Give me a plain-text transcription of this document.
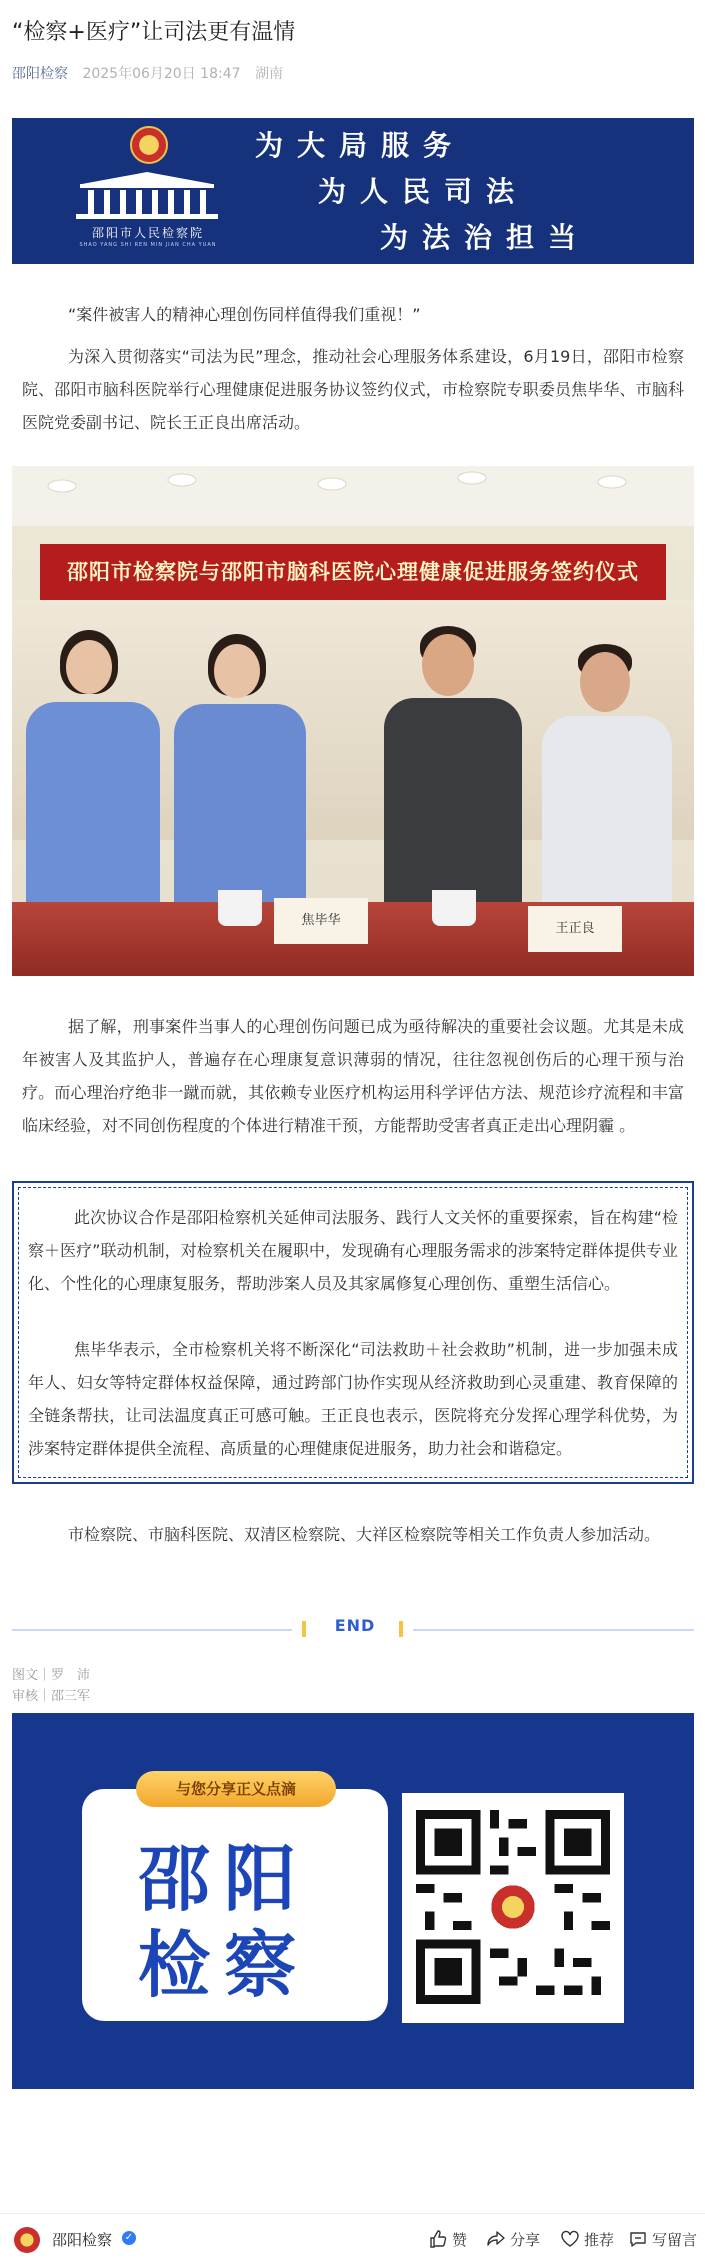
“检察+医疗”让司法更有温情
邵阳检察 2025年06月20日 18:47 湖南
邵阳市人民检察院
SHAO YANG SHI REN MIN JIAN CHA YUAN
为大局服务
为人民司法
为法治担当

“案件被害人的精神心理创伤同样值得我们重视！”

为深入贯彻落实“司法为民”理念，推动社会心理服务体系建设，6月19日，邵阳市检察院、邵阳市脑科医院举行心理健康促进服务协议签约仪式，市检察院专职委员焦毕华、市脑科医院党委副书记、院长王正良出席活动。

邵阳市检察院与邵阳市脑科医院心理健康促进服务签约仪式
焦毕华
王正良

据了解，刑事案件当事人的心理创伤问题已成为亟待解决的重要社会议题。尤其是未成年被害人及其监护人，普遍存在心理康复意识薄弱的情况，往往忽视创伤后的心理干预与治疗。而心理治疗绝非一蹴而就，其依赖专业医疗机构运用科学评估方法、规范诊疗流程和丰富临床经验，对不同创伤程度的个体进行精准干预，方能帮助受害者真正走出心理阴霾 。

此次协议合作是邵阳检察机关延伸司法服务、践行人文关怀的重要探索，旨在构建“检察＋医疗”联动机制，对检察机关在履职中，发现确有心理服务需求的涉案特定群体提供专业化、个性化的心理康复服务，帮助涉案人员及其家属修复心理创伤、重塑生活信心。

焦毕华表示，全市检察机关将不断深化“司法救助＋社会救助”机制，进一步加强未成年人、妇女等特定群体权益保障，通过跨部门协作实现从经济救助到心灵重建、教育保障的全链条帮扶，让司法温度真正可感可触。王正良也表示，医院将充分发挥心理学科优势，为涉案特定群体提供全流程、高质量的心理健康促进服务，助力社会和谐稳定。

市检察院、市脑科医院、双清区检察院、大祥区检察院等相关工作负责人参加活动。

END
图文｜罗　沛
审核｜邵三军
与您分享正义点滴
邵阳
检察
邵阳检察 ✓	赞	分享	推荐	写留言
